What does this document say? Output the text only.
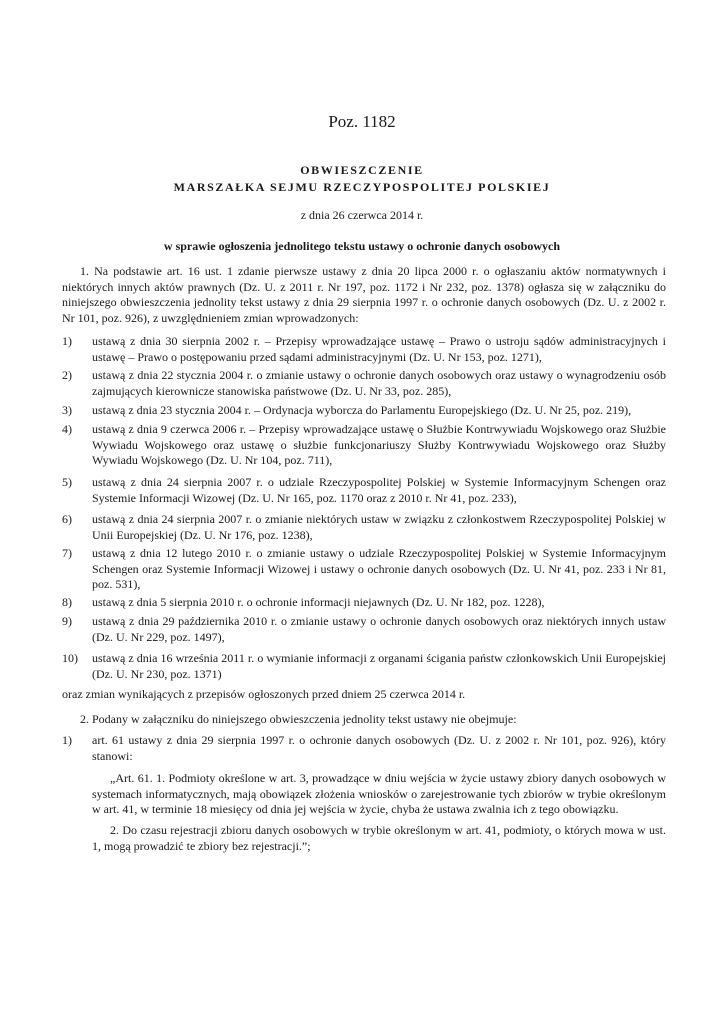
Poz. 1182
OBWIESZCZENIE
MARSZAŁKA SEJMU RZECZYPOSPOLITEJ POLSKIEJ
z dnia 26 czerwca 2014 r.
w sprawie ogłoszenia jednolitego tekstu ustawy o ochronie danych osobowych
1. Na podstawie art. 16 ust. 1 zdanie pierwsze ustawy z dnia 20 lipca 2000 r. o ogłaszaniu aktów normatywnych i niektórych innych aktów prawnych (Dz. U. z 2011 r. Nr 197, poz. 1172 i Nr 232, poz. 1378) ogłasza się w załączniku do niniejszego obwieszczenia jednolity tekst ustawy z dnia 29 sierpnia 1997 r. o ochronie danych osobowych (Dz. U. z 2002 r. Nr 101, poz. 926), z uwzględnieniem zmian wprowadzonych:
1)	ustawą z dnia 30 sierpnia 2002 r. – Przepisy wprowadzające ustawę – Prawo o ustroju sądów administracyjnych i ustawę – Prawo o postępowaniu przed sądami administracyjnymi (Dz. U. Nr 153, poz. 1271),
2)	ustawą z dnia 22 stycznia 2004 r. o zmianie ustawy o ochronie danych osobowych oraz ustawy o wynagrodzeniu osób zajmujących kierownicze stanowiska państwowe (Dz. U. Nr 33, poz. 285),
3)	ustawą z dnia 23 stycznia 2004 r. – Ordynacja wyborcza do Parlamentu Europejskiego (Dz. U. Nr 25, poz. 219),
4)	ustawą z dnia 9 czerwca 2006 r. – Przepisy wprowadzające ustawę o Służbie Kontrwywiadu Wojskowego oraz Służbie Wywiadu Wojskowego oraz ustawę o służbie funkcjonariuszy Służby Kontrwywiadu Wojskowego oraz Służby Wywiadu Wojskowego (Dz. U. Nr 104, poz. 711),
5)	ustawą z dnia 24 sierpnia 2007 r. o udziale Rzeczypospolitej Polskiej w Systemie Informacyjnym Schengen oraz Systemie Informacji Wizowej (Dz. U. Nr 165, poz. 1170 oraz z 2010 r. Nr 41, poz. 233),
6)	ustawą z dnia 24 sierpnia 2007 r. o zmianie niektórych ustaw w związku z członkostwem Rzeczypospolitej Polskiej w Unii Europejskiej (Dz. U. Nr 176, poz. 1238),
7)	ustawą z dnia 12 lutego 2010 r. o zmianie ustawy o udziale Rzeczypospolitej Polskiej w Systemie Informacyjnym Schengen oraz Systemie Informacji Wizowej i ustawy o ochronie danych osobowych (Dz. U. Nr 41, poz. 233 i Nr 81, poz. 531),
8)	ustawą z dnia 5 sierpnia 2010 r. o ochronie informacji niejawnych (Dz. U. Nr 182, poz. 1228),
9)	ustawą z dnia 29 października 2010 r. o zmianie ustawy o ochronie danych osobowych oraz niektórych innych ustaw (Dz. U. Nr 229, poz. 1497),
10)	ustawą z dnia 16 września 2011 r. o wymianie informacji z organami ścigania państw członkowskich Unii Europejskiej (Dz. U. Nr 230, poz. 1371)
oraz zmian wynikających z przepisów ogłoszonych przed dniem 25 czerwca 2014 r.
2. Podany w załączniku do niniejszego obwieszczenia jednolity tekst ustawy nie obejmuje:
1)	art. 61 ustawy z dnia 29 sierpnia 1997 r. o ochronie danych osobowych (Dz. U. z 2002 r. Nr 101, poz. 926), który stanowi:
„Art. 61. 1. Podmioty określone w art. 3, prowadzące w dniu wejścia w życie ustawy zbiory danych osobowych w systemach informatycznych, mają obowiązek złożenia wniosków o zarejestrowanie tych zbiorów w trybie określonym w art. 41, w terminie 18 miesięcy od dnia jej wejścia w życie, chyba że ustawa zwalnia ich z tego obowiązku.
2. Do czasu rejestracji zbioru danych osobowych w trybie określonym w art. 41, podmioty, o których mowa w ust. 1, mogą prowadzić te zbiory bez rejestracji.”;
